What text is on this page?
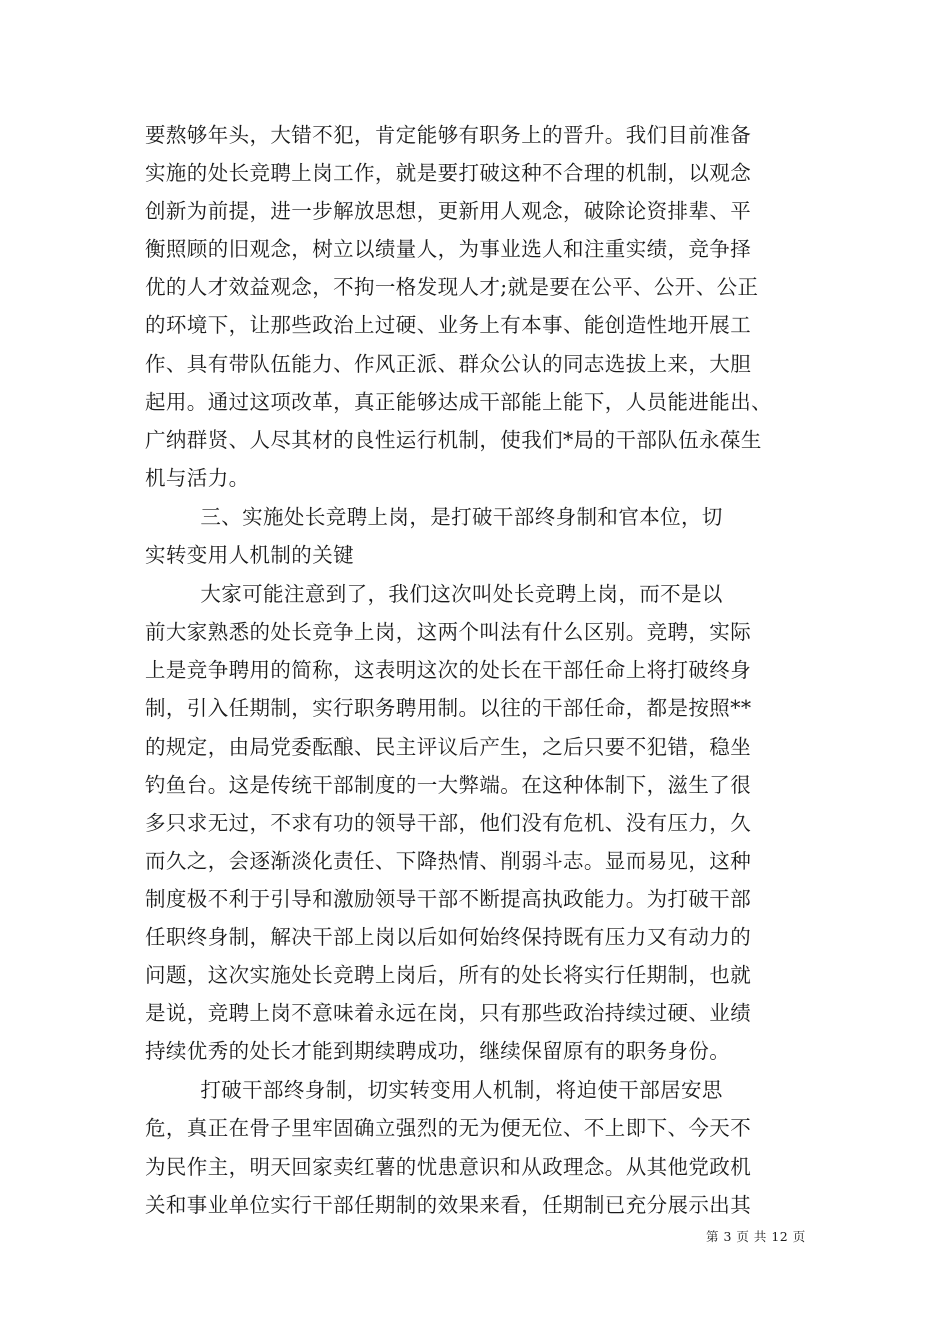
要熬够年头，大错不犯，肯定能够有职务上的晋升。我们目前准备
实施的处长竞聘上岗工作，就是要打破这种不合理的机制，以观念
创新为前提，进一步解放思想，更新用人观念，破除论资排辈、平
衡照顾的旧观念，树立以绩量人，为事业选人和注重实绩，竞争择
优的人才效益观念，不拘一格发现人才;就是要在公平、公开、公正
的环境下，让那些政治上过硬、业务上有本事、能创造性地开展工
作、具有带队伍能力、作风正派、群众公认的同志选拔上来，大胆
起用。通过这项改革，真正能够达成干部能上能下，人员能进能出、
广纳群贤、人尽其材的良性运行机制，使我们*局的干部队伍永葆生
机与活力。
三、实施处长竞聘上岗，是打破干部终身制和官本位，切
实转变用人机制的关键
大家可能注意到了，我们这次叫处长竞聘上岗，而不是以
前大家熟悉的处长竞争上岗，这两个叫法有什么区别。竞聘，实际
上是竞争聘用的简称，这表明这次的处长在干部任命上将打破终身
制，引入任期制，实行职务聘用制。以往的干部任命，都是按照**
的规定，由局党委酝酿、民主评议后产生，之后只要不犯错，稳坐
钓鱼台。这是传统干部制度的一大弊端。在这种体制下，滋生了很
多只求无过，不求有功的领导干部，他们没有危机、没有压力，久
而久之，会逐渐淡化责任、下降热情、削弱斗志。显而易见，这种
制度极不利于引导和激励领导干部不断提高执政能力。为打破干部
任职终身制，解决干部上岗以后如何始终保持既有压力又有动力的
问题，这次实施处长竞聘上岗后，所有的处长将实行任期制，也就
是说，竞聘上岗不意味着永远在岗，只有那些政治持续过硬、业绩
持续优秀的处长才能到期续聘成功，继续保留原有的职务身份。
打破干部终身制，切实转变用人机制，将迫使干部居安思
危，真正在骨子里牢固确立强烈的无为便无位、不上即下、今天不
为民作主，明天回家卖红薯的忧患意识和从政理念。从其他党政机
关和事业单位实行干部任期制的效果来看，任期制已充分展示出其
第 3 页 共 12 页
